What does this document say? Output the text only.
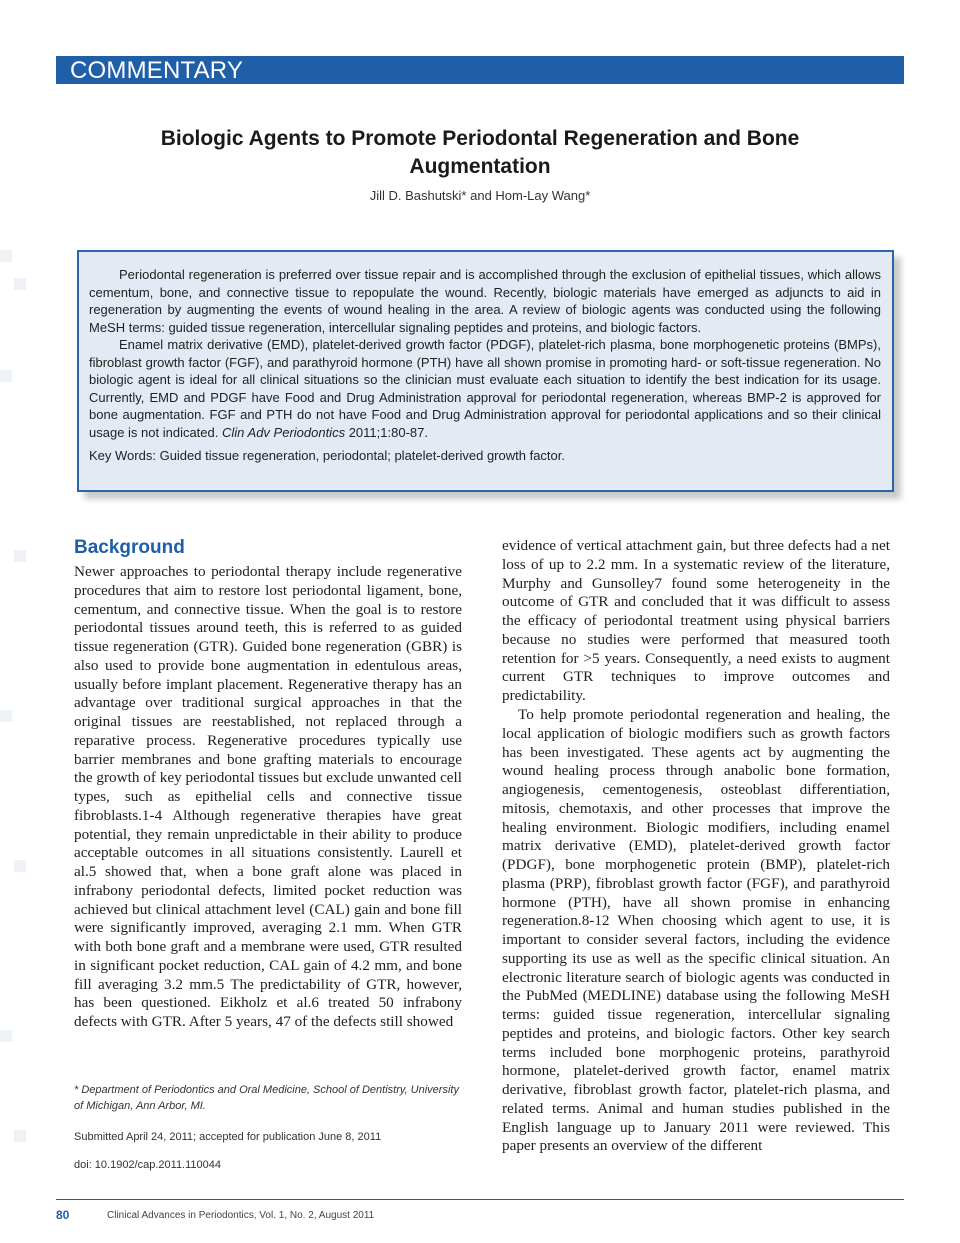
COMMENTARY
Biologic Agents to Promote Periodontal Regeneration and Bone Augmentation
Jill D. Bashutski* and Hom-Lay Wang*

Periodontal regeneration is preferred over tissue repair and is accomplished through the exclusion of epithelial tissues, which allows cementum, bone, and connective tissue to repopulate the wound. Recently, biologic materials have emerged as adjuncts to aid in regeneration by augmenting the events of wound healing in the area. A review of biologic agents was conducted using the following MeSH terms: guided tissue regeneration, intercellular signaling peptides and proteins, and biologic factors.

Enamel matrix derivative (EMD), platelet-derived growth factor (PDGF), platelet-rich plasma, bone morphogenetic proteins (BMPs), fibroblast growth factor (FGF), and parathyroid hormone (PTH) have all shown promise in promoting hard- or soft-tissue regeneration. No biologic agent is ideal for all clinical situations so the clinician must evaluate each situation to identify the best indication for its usage. Currently, EMD and PDGF have Food and Drug Administration approval for periodontal regeneration, whereas BMP-2 is approved for bone augmentation. FGF and PTH do not have Food and Drug Administration approval for periodontal applications and so their clinical usage is not indicated. Clin Adv Periodontics 2011;1:80-87.

Key Words: Guided tissue regeneration, periodontal; platelet-derived growth factor.
Background

Newer approaches to periodontal therapy include regenerative procedures that aim to restore lost periodontal ligament, bone, cementum, and connective tissue. When the goal is to restore periodontal tissues around teeth, this is referred to as guided tissue regeneration (GTR). Guided bone regeneration (GBR) is also used to provide bone augmentation in edentulous areas, usually before implant placement. Regenerative therapy has an advantage over traditional surgical approaches in that the original tissues are reestablished, not replaced through a reparative process. Regenerative procedures typically use barrier membranes and bone grafting materials to encourage the growth of key periodontal tissues but exclude unwanted cell types, such as epithelial cells and connective tissue fibroblasts.1-4 Although regenerative therapies have great potential, they remain unpredictable in their ability to produce acceptable outcomes in all situations consistently. Laurell et al.5 showed that, when a bone graft alone was placed in infrabony periodontal defects, limited pocket reduction was achieved but clinical attachment level (CAL) gain and bone fill were significantly improved, averaging 2.1 mm. When GTR with both bone graft and a membrane were used, GTR resulted in significant pocket reduction, CAL gain of 4.2 mm, and bone fill averaging 3.2 mm.5 The predictability of GTR, however, has been questioned. Eikholz et al.6 treated 50 infrabony defects with GTR. After 5 years, 47 of the defects still showed

evidence of vertical attachment gain, but three defects had a net loss of up to 2.2 mm. In a systematic review of the literature, Murphy and Gunsolley7 found some heterogeneity in the outcome of GTR and concluded that it was difficult to assess the efficacy of periodontal treatment using physical barriers because no studies were performed that measured tooth retention for >5 years. Consequently, a need exists to augment current GTR techniques to improve outcomes and predictability.

To help promote periodontal regeneration and healing, the local application of biologic modifiers such as growth factors has been investigated. These agents act by augmenting the wound healing process through anabolic bone formation, angiogenesis, cementogenesis, osteoblast differentiation, mitosis, chemotaxis, and other processes that improve the healing environment. Biologic modifiers, including enamel matrix derivative (EMD), platelet-derived growth factor (PDGF), bone morphogenetic protein (BMP), platelet-rich plasma (PRP), fibroblast growth factor (FGF), and parathyroid hormone (PTH), have all shown promise in enhancing regeneration.8-12 When choosing which agent to use, it is important to consider several factors, including the evidence supporting its use as well as the specific clinical situation. An electronic literature search of biologic agents was conducted in the PubMed (MEDLINE) database using the following MeSH terms: guided tissue regeneration, intercellular signaling peptides and proteins, and biologic factors. Other key search terms included bone morphogenic proteins, parathyroid hormone, platelet-derived growth factor, enamel matrix derivative, fibroblast growth factor, platelet-rich plasma, and related terms. Animal and human studies published in the English language up to January 2011 were reviewed. This paper presents an overview of the different

* Department of Periodontics and Oral Medicine, School of Dentistry, University of Michigan, Ann Arbor, MI.
Submitted April 24, 2011; accepted for publication June 8, 2011
doi: 10.1902/cap.2011.110044
80	Clinical Advances in Periodontics, Vol. 1, No. 2, August 2011
